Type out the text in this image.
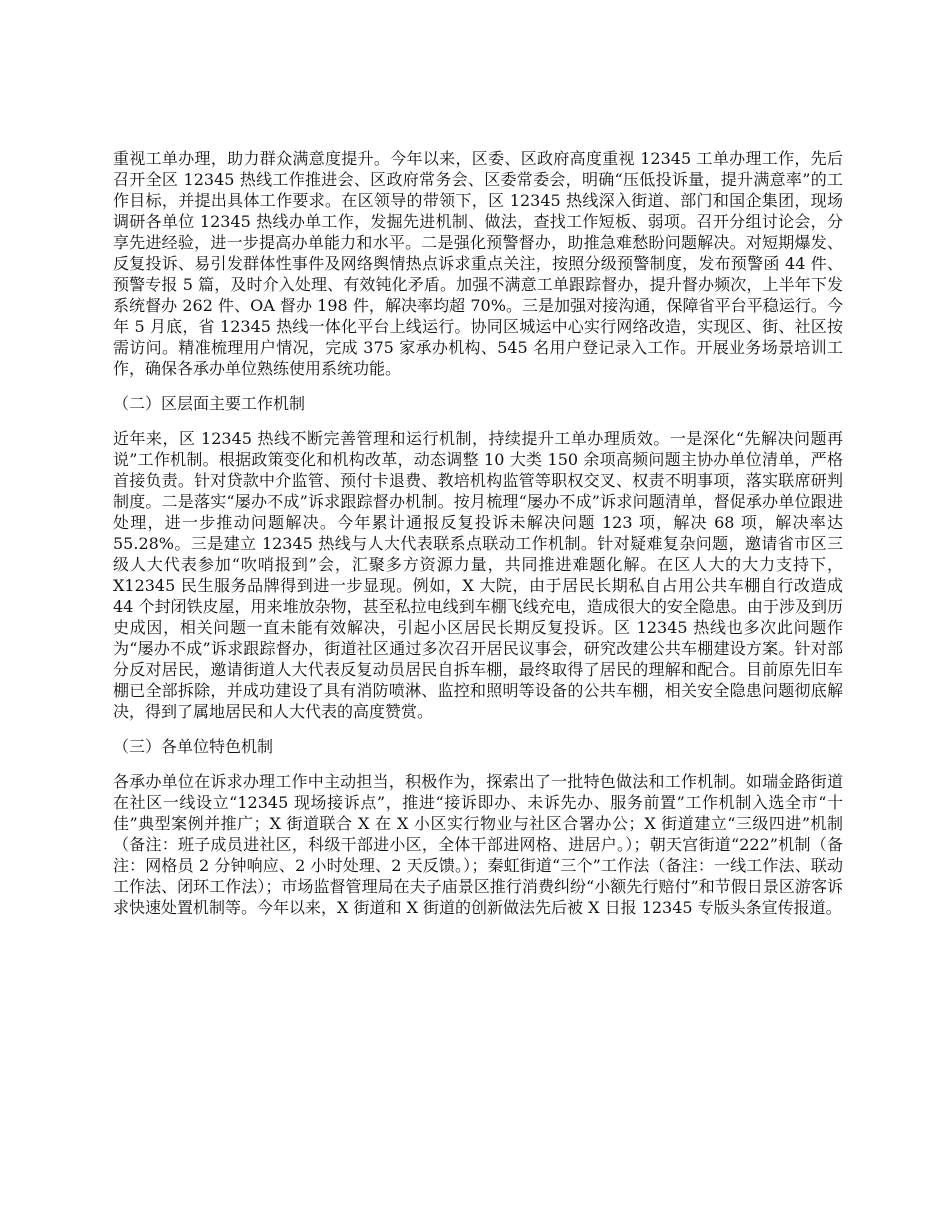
重视工单办理，助力群众满意度提升。今年以来，区委、区政府高度重视 12345 工单办理工作，先后召开全区 12345 热线工作推进会、区政府常务会、区委常委会，明确“压低投诉量，提升满意率”的工作目标，并提出具体工作要求。在区领导的带领下，区 12345 热线深入街道、部门和国企集团，现场调研各单位 12345 热线办单工作，发掘先进机制、做法，查找工作短板、弱项。召开分组讨论会，分享先进经验，进一步提高办单能力和水平。二是强化预警督办，助推急难愁盼问题解决。对短期爆发、反复投诉、易引发群体性事件及网络舆情热点诉求重点关注，按照分级预警制度，发布预警函 44 件、预警专报 5 篇，及时介入处理、有效钝化矛盾。加强不满意工单跟踪督办，提升督办频次，上半年下发系统督办 262 件、OA 督办 198 件，解决率均超 70%。三是加强对接沟通，保障省平台平稳运行。今年 5 月底，省 12345 热线一体化平台上线运行。协同区城运中心实行网络改造，实现区、街、社区按需访问。精准梳理用户情况，完成 375 家承办机构、545 名用户登记录入工作。开展业务场景培训工作，确保各承办单位熟练使用系统功能。

（二）区层面主要工作机制

近年来，区 12345 热线不断完善管理和运行机制，持续提升工单办理质效。一是深化“先解决问题再说”工作机制。根据政策变化和机构改革，动态调整 10 大类 150 余项高频问题主协办单位清单，严格首接负责。针对贷款中介监管、预付卡退费、教培机构监管等职权交叉、权责不明事项，落实联席研判制度。二是落实“屡办不成”诉求跟踪督办机制。按月梳理“屡办不成”诉求问题清单，督促承办单位跟进处理，进一步推动问题解决。今年累计通报反复投诉未解决问题 123 项，解决 68 项，解决率达 55.28%。三是建立 12345 热线与人大代表联系点联动工作机制。针对疑难复杂问题，邀请省市区三级人大代表参加“吹哨报到”会，汇聚多方资源力量，共同推进难题化解。在区人大的大力支持下，X12345 民生服务品牌得到进一步显现。例如，X 大院，由于居民长期私自占用公共车棚自行改造成 44 个封闭铁皮屋，用来堆放杂物，甚至私拉电线到车棚飞线充电，造成很大的安全隐患。由于涉及到历史成因，相关问题一直未能有效解决，引起小区居民长期反复投诉。区 12345 热线也多次此问题作为“屡办不成”诉求跟踪督办，街道社区通过多次召开居民议事会，研究改建公共车棚建设方案。针对部分反对居民，邀请街道人大代表反复动员居民自拆车棚，最终取得了居民的理解和配合。目前原先旧车棚已全部拆除，并成功建设了具有消防喷淋、监控和照明等设备的公共车棚，相关安全隐患问题彻底解决，得到了属地居民和人大代表的高度赞赏。

（三）各单位特色机制

各承办单位在诉求办理工作中主动担当，积极作为，探索出了一批特色做法和工作机制。如瑞金路街道在社区一线设立“12345 现场接诉点”，推进“接诉即办、未诉先办、服务前置”工作机制入选全市“十佳”典型案例并推广；X 街道联合 X 在 X 小区实行物业与社区合署办公；X 街道建立“三级四进”机制（备注：班子成员进社区，科级干部进小区，全体干部进网格、进居户。）；朝天宫街道“222”机制（备注：网格员 2 分钟响应、2 小时处理、2 天反馈。）；秦虹街道“三个”工作法（备注：一线工作法、联动工作法、闭环工作法）；市场监督管理局在夫子庙景区推行消费纠纷“小额先行赔付”和节假日景区游客诉求快速处置机制等。今年以来，X 街道和 X 街道的创新做法先后被 X 日报 12345 专版头条宣传报道。
